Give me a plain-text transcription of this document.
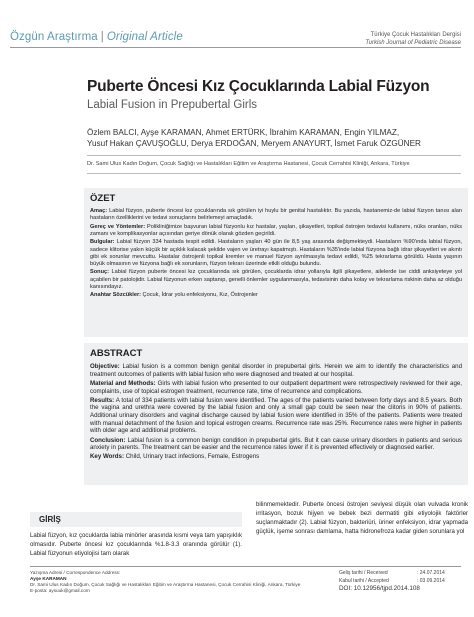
Özgün Araştırma | Original Article	Türkiye Çocuk Hastalıkları Dergisi
Turkish Journal of Pediatric Disease
Puberte Öncesi Kız Çocuklarında Labial Füzyon
Labial Fusion in Prepubertal Girls
Özlem BALCI, Ayşe KARAMAN, Ahmet ERTÜRK, İbrahim KARAMAN, Engin YILMAZ,
Yusuf Hakan ÇAVUŞOĞLU, Derya ERDOĞAN, Meryem ANAYURT, İsmet Faruk ÖZGÜNER
Dr. Sami Ulus Kadın Doğum, Çocuk Sağlığı ve Hastalıkları Eğitim ve Araştırma Hastanesi, Çocuk Cerrahisi Kliniği, Ankara, Türkiye
ÖZET
Amaç: Labial füzyon, puberte öncesi kız çocuklarında sık görülen iyi huylu bir genital hastalıktır. Bu yazıda, hastanemiz-de labial füzyon tanısı alan hastaların özelliklerini ve tedavi sonuçlarını belirlemeyi amaçladık.
Gereç ve Yöntemler: Polikliniğimize başvuran labial füzyonlu kız hastalar, yaşları, şikayetleri, topikal östrojen tedavisi kullanımı, nüks oranları, nüks zamanı ve komplikasyonlar açısından geriye dönük olarak gözden geçirildi.
Bulgular: Labial füzyon 334 hastada tespit edildi. Hastaların yaşları 40 gün ile 8,5 yaş arasında değişmekteydi. Hastaların %90'ında labial füzyon, sadece klitorise yakın küçük bir açıklık kalacak şekilde vajen ve üretrayı kapatmıştı. Hastaların %35'inde labial füzyona bağlı idrar şikayetleri ve akıntı gibi ek sorunlar mevcuttu. Hastalar östrojenli topikal kremler ve manuel füzyon ayrılmasıyla tedavi edildi, %25 tekrarlama görüldü. Hasta yaşının büyük olmasının ve füzyona bağlı ek sorunların, füzyon tekrarı üzerinde etkili olduğu bulundu.
Sonuç: Labial füzyon puberte öncesi kız çocuklarında sık görülen, çocuklarda idrar yollarıyla ilgili şikayetlere, ailelerde ise ciddi anksiyeteye yol açabilen bir patolojidir. Labial füzyonun erken saptanıp, genelli önlemler uygulanmasıyla, tedavisinin daha kolay ve tekrarlama riskinin daha az olduğu kanısındayız.
Anahtar Sözcükler: Çocuk, İdrar yolu enfeksiyonu, Kız, Östrojenler
ABSTRACT
Objective: Labial fusion is a common benign genital disorder in prepubertal girls. Herein we aim to identify the characteristics and treatment outcomes of patients with labial fusion who were diagnosed and treated at our hospital.
Material and Methods: Girls with labial fusion who presented to our outpatient department were retrospectively reviewed for their age, complaints, use of topical estrogen treatment, recurrence rate, time of recurrence and complications.
Results: A total of 334 patients with labial fusion were identified. The ages of the patients varied between forty days and 8.5 years. Both the vagina and urethra were covered by the labial fusion and only a small gap could be seen near the clitoris in 90% of patients. Additional urinary disorders and vaginal discharge caused by labial fusion were identified in 35% of the patients. Patients were treated with manual detachment of the fusion and topical estrogen creams. Recurrence rate was 25%. Recurrence rates were higher in patients with older age and additional problems.
Conclusion: Labial fusion is a common benign condition in prepubertal girls. But it can cause urinary disorders in patients and serious anxiety in parents. The treatment can be easier and the recurrence rates lower if it is prevented effectively or diagnosed earlier.
Key Words: Child, Urinary tract infections, Female, Estrogens
GİRİŞ
Labial füzyon, kız çocuklarda labia minörler arasında kısmi veya tam yapışıklık olmasıdır. Puberte öncesi kız çocuklarında %1.8-3.3 oranında görülür (1). Labial füzyonun etiyolojisi tam olarak
bilinmemektedir. Puberte öncesi östrojen seviyesi düşük olan vulvada kronik irritasyon, bozuk hijyen ve bebek bezi dermatiti gibi etiyolojik faktörler suçlanmaktadır (2). Labial füzyon, bakteriüri, üriner enfeksiyon, idrar yapmada güçlük, işeme sonrası damlama, hatta hidronefroza kadar giden sorunlara yol
Yazışma Adresi / Correspondence Address:
Ayşe KARAMAN
Dr. Sami Ulus Kadın Doğum, Çocuk Sağlığı ve Hastalıkları Eğitim ve Araştırma Hastanesi, Çocuk Cerrahisi Kliniği, Ankara, Türkiye
E-posta: aysuuk@gmail.com
Geliş tarihi / Received	: 24.07.2014
Kabul tarihi / Accepted	: 03.09.2014
DOI: 10.12956/tjpd.2014.108
